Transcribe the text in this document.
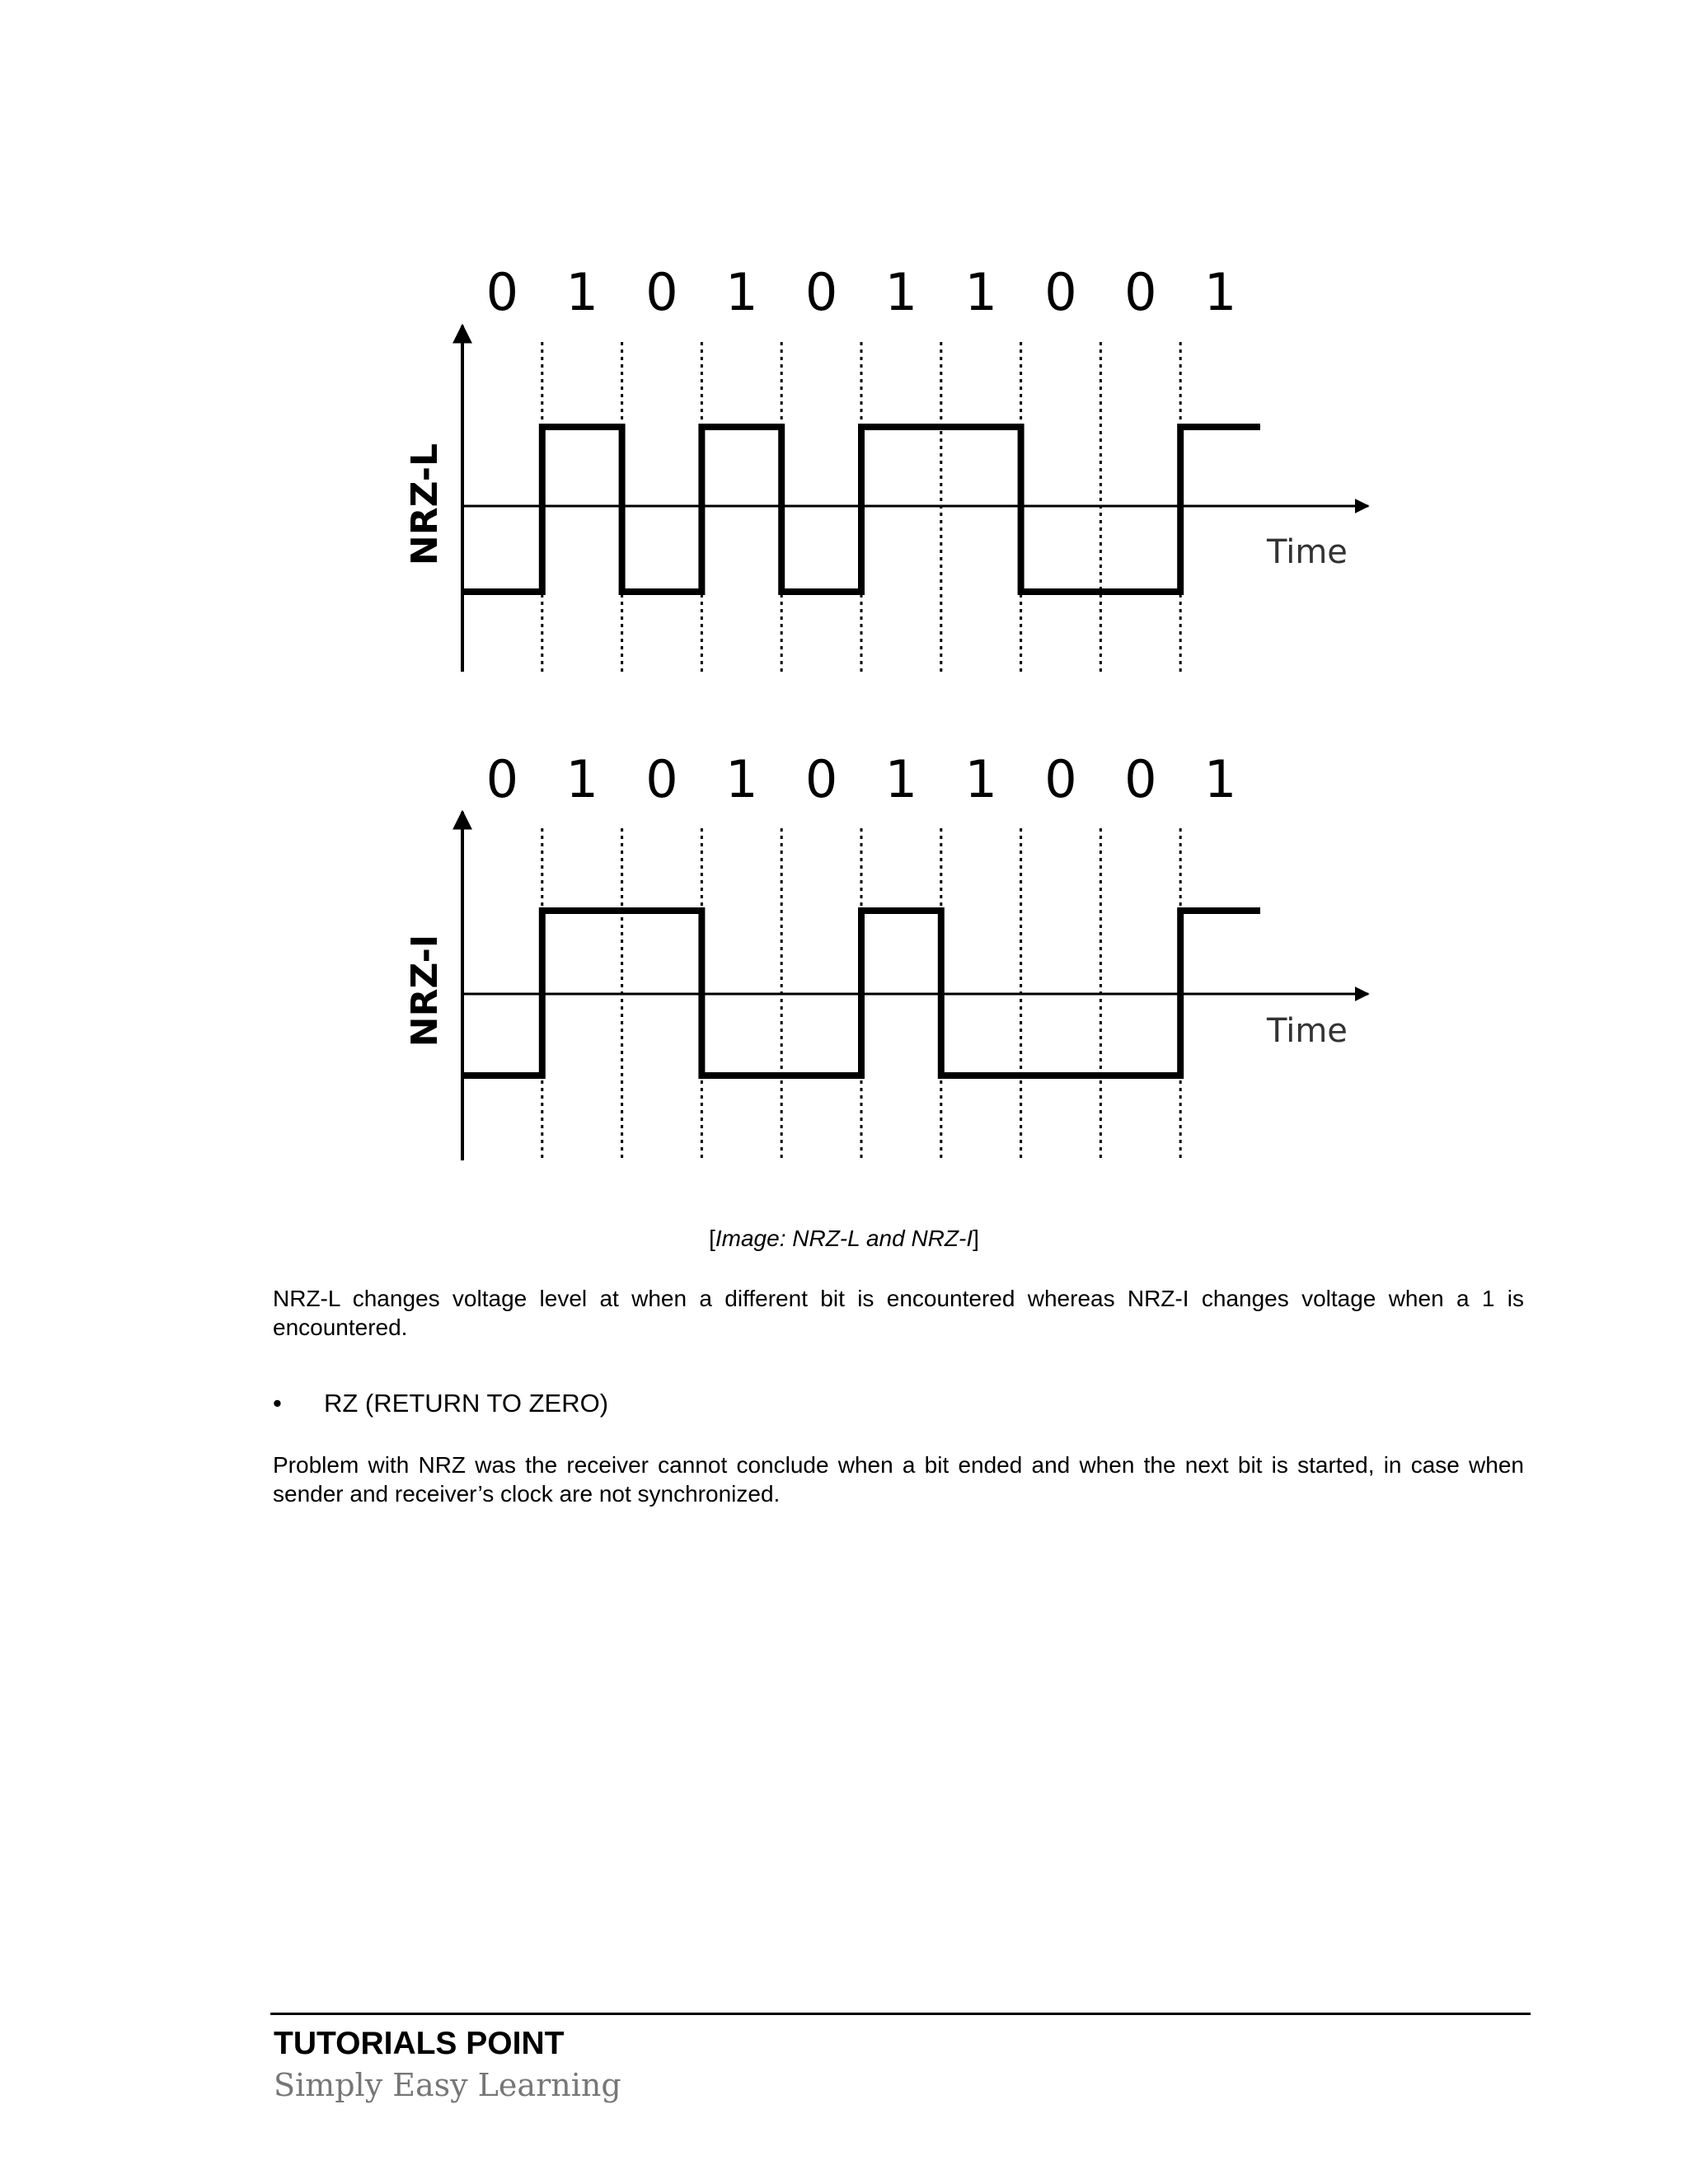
0 1 0 1 0 1 1 0 0 1
NRZ-L	Time
0 1 0 1 0 1 1 0 0 1
NRZ-I	Time
[Image: NRZ-L and NRZ-I]
NRZ-L changes voltage level at when a different bit is encountered whereas NRZ-I changes voltage when a 1 is encountered.
• RZ (RETURN TO ZERO)
Problem with NRZ was the receiver cannot conclude when a bit ended and when the next bit is started, in case when sender and receiver’s clock are not synchronized.
TUTORIALS POINT
Simply Easy Learning
